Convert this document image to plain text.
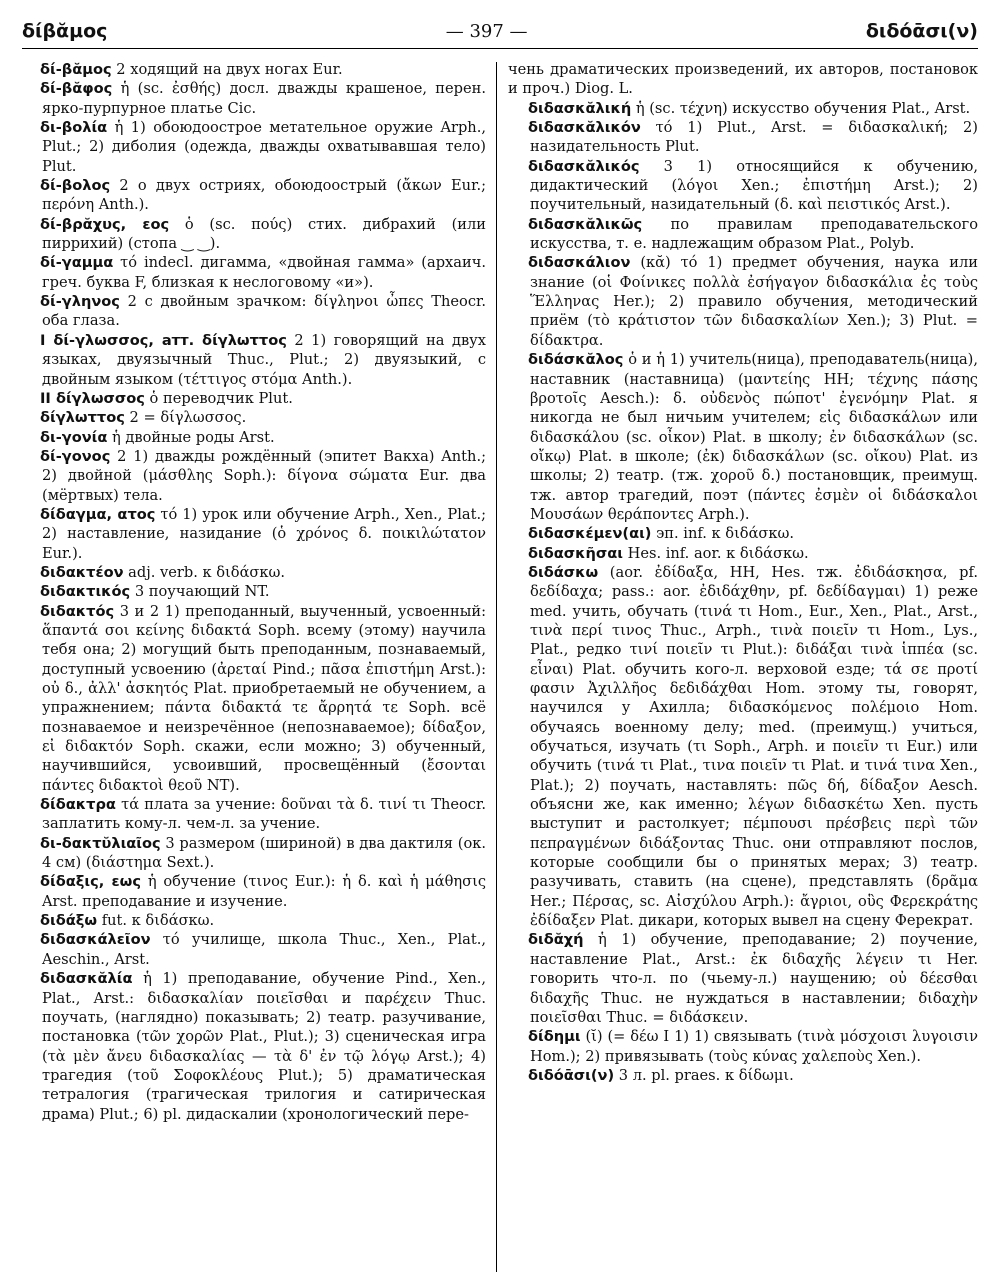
δίβᾰμος	— 397 —	διδόᾱσι(ν)

δί-βᾰμος 2 ходящий на двух ногах Eur.

δί-βᾰφος ἡ (sc. ἐσθής) досл. дважды крашеное, перен. ярко-пурпурное платье Cic.

δι-βολία ἡ 1) обоюдоострое метательное оружие Arph., Plut.; 2) диболия (одежда, дважды охватывавшая тело) Plut.

δί-βολος 2 о двух остриях, обоюдоострый (ἄκων Eur.; περόνη Anth.).

δί-βρᾰχυς, εος ὁ (sc. πούς) стих. дибрахий (или пиррихий) (стопа ‿ ‿).

δί-γαμμα τό indecl. дигамма, «двойная гамма» (архаич. греч. буква F, близкая к неслоговому «и»).

δί-γληνος 2 с двойным зрачком: δίγληνοι ὦπες Theocr. оба глаза.

I δί-γλωσσος, атт. δίγλωττος 2 1) говорящий на двух языках, двуязычный Thuc., Plut.; 2) двуязыкий, с двойным языком (τέττιγος στόμα Anth.).

II δίγλωσσος ὁ переводчик Plut.

δίγλωττος 2 = δίγλωσσος.

δι-γονία ἡ двойные роды Arst.

δί-γονος 2 1) дважды рождённый (эпитет Вакха) Anth.; 2) двойной (μάσθλης Soph.): δίγονα σώματα Eur. два (мёртвых) тела.

δίδαγμα, ατος τό 1) урок или обучение Arph., Xen., Plat.; 2) наставление, назидание (ὁ χρόνος δ. ποικιλώτατον Eur.).

διδακτέον adj. verb. к διδάσκω.

διδακτικός 3 поучающий NT.

διδακτός 3 и 2 1) преподанный, выученный, усвоенный: ἅπαντά σοι κείνης διδακτά Soph. всему (этому) научила тебя она; 2) могущий быть преподанным, познаваемый, доступный усвоению (ἀρεταί Pind.; πᾶσα ἐπιστήμη Arst.): οὐ δ., ἀλλ' ἀσκητός Plat. приобретаемый не обучением, а упражнением; πάντα διδακτά τε ἄρρητά τε Soph. всё познаваемое и неизречённое (непознаваемое); δίδαξον, εἰ διδακτόν Soph. скажи, если можно; 3) обученный, научившийся, усвоивший, просвещённый (ἔσονται πάντες διδακτοὶ θεοῦ NT).

δίδακτρα τά плата за учение: δοῦναι τὰ δ. τινί τι Theocr. заплатить кому-л. чем-л. за учение.

δι-δακτῠλιαῖος 3 размером (шириной) в два дактиля (ок. 4 см) (διάστημα Sext.).

δίδαξις, εως ἡ обучение (τινος Eur.): ἡ δ. καὶ ἡ μάθησις Arst. преподавание и изучение.

διδάξω fut. к διδάσκω.

διδασκάλεῖον τό училище, школа Thuc., Xen., Plat., Aeschin., Arst.

διδασκᾰλία ἡ 1) преподавание, обучение Pind., Xen., Plat., Arst.: διδασκαλίαν ποιεῖσθαι и παρέχειν Thuc. поучать, (наглядно) показывать; 2) театр. разучивание, постановка (τῶν χορῶν Plat., Plut.); 3) сценическая игра (τὰ μὲν ἄνευ διδασκαλίας — τὰ δ' ἐν τῷ λόγῳ Arst.); 4) трагедия (τοῦ Σοφοκλέους Plut.); 5) драматическая тетралогия (трагическая трилогия и сатирическая драма) Plut.; 6) pl. дидаскалии (хронологический пере-

чень драматических произведений, их авторов, постановок и проч.) Diog. L.

διδασκᾰλική ἡ (sc. τέχνη) искусство обучения Plat., Arst.

διδασκᾰλικόν τό 1) Plut., Arst. = διδασκαλική; 2) назидательность Plut.

διδασκᾰλικός 3 1) относящийся к обучению, дидактический (λόγοι Xen.; ἐπιστήμη Arst.); 2) поучительный, назидательный (δ. καὶ πειστικός Arst.).

διδασκᾰλικῶς по правилам преподавательского искусства, т. е. надлежащим образом Plat., Polyb.

διδασκάλιον (κᾰ) τό 1) предмет обучения, наука или знание (οἱ Φοίνικες πολλὰ ἐσήγαγον διδασκάλια ἐς τοὺς Ἕλληνας Her.); 2) правило обучения, методический приём (τὸ κράτιστον τῶν διδασκαλίων Xen.); 3) Plut. = δίδακτρα.

διδάσκᾰλος ὁ и ἡ 1) учитель(ница), преподаватель(ница), наставник (наставница) (μαντείης HH; τέχνης πάσης βροτοῖς Aesch.): δ. οὐδενὸς πώποτ' ἐγενόμην Plat. я никогда не был ничьим учителем; εἰς διδασκάλων или διδασκάλου (sc. οἶκον) Plat. в школу; ἐν διδασκάλων (sc. οἴκῳ) Plat. в школе; (ἐκ) διδασκάλων (sc. οἴκου) Plat. из школы; 2) театр. (тж. χοροῦ δ.) постановщик, преимущ. тж. автор трагедий, поэт (πάντες ἐσμὲν οἱ διδάσκαλοι Μουσάων θεράποντες Arph.).

διδασκέμεν(αι) эп. inf. к διδάσκω.

διδασκῆσαι Hes. inf. aor. к διδάσκω.

διδάσκω (aor. ἐδίδαξα, HH, Hes. тж. ἐδιδάσκησα, pf. δεδίδαχα; pass.: aor. ἐδιδάχθην, pf. δεδίδαγμαι) 1) реже med. учить, обучать (τινά τι Hom., Eur., Xen., Plat., Arst., τινὰ περί τινος Thuc., Arph., τινὰ ποιεῖν τι Hom., Lys., Plat., редко τινί ποιεῖν τι Plut.): διδάξαι τινὰ ἱππέα (sc. εἶναι) Plat. обучить кого-л. верховой езде; τά σε προτί φασιν Ἀχιλλῆος δεδιδάχθαι Hom. этому ты, говорят, научился у Ахилла; διδασκόμενος πολέμοιο Hom. обучаясь военному делу; med. (преимущ.) учиться, обучаться, изучать (τι Soph., Arph. и ποιεῖν τι Eur.) или обучить (τινά τι Plat., τινα ποιεῖν τι Plat. и τινά τινα Xen., Plat.); 2) поучать, наставлять: πῶς δή, δίδαξον Aesch. объясни же, как именно; λέγων διδασκέτω Xen. пусть выступит и растолкует; πέμπουσι πρέσβεις περὶ τῶν πεπραγμένων διδάξοντας Thuc. они отправляют послов, которые сообщили бы о принятых мерах; 3) театр. разучивать, ставить (на сцене), представлять (δρᾶμα Her.; Πέρσας, sc. Αἰσχύλου Arph.): ἄγριοι, οὓς Φερεκράτης ἐδίδαξεν Plat. дикари, которых вывел на сцену Ферекрат.

διδᾰχή ἡ 1) обучение, преподавание; 2) поучение, наставление Plat., Arst.: ἐκ διδαχῆς λέγειν τι Her. говорить что-л. по (чьему-л.) наущению; οὐ δέεσθαι διδαχῆς Thuc. не нуждаться в наставлении; διδαχὴν ποιεῖσθαι Thuc. = διδάσκειν.

δίδημι (ῐ) (= δέω I 1) 1) связывать (τινὰ μόσχοισι λυγοισιν Hom.); 2) привязывать (τοὺς κύνας χαλεποὺς Xen.).

διδόᾱσι(ν) 3 л. pl. praes. к δίδωμι.
